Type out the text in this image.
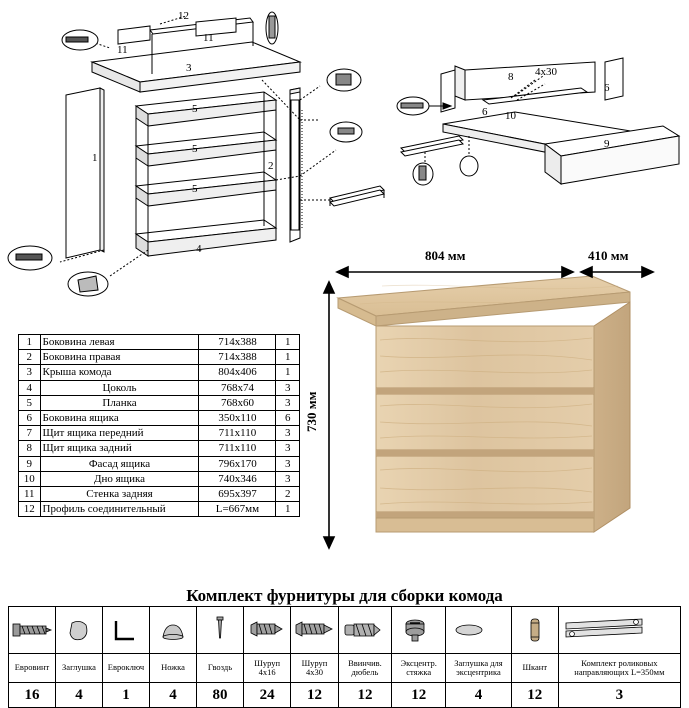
12
11
11
3
5
5
5
1
2
4
8 4x30
6
6 10
9
1	Боковина левая	714х388	1
2	Боковина правая	714х388	1
3	Крыша комода	804х406	1
4	Цоколь	768х74	3
5	Планка	768х60	3
6	Боковина ящика	350х110	6
7	Щит ящика передний	711х110	3
8	Щит ящика задний	711х110	3
9	Фасад ящика	796х170	3
10	Дно ящика	740х346	3
11	Стенка задняя	695х397	2
12	Профиль соединительный	L=667мм	1
804 мм	410 мм
730 мм
Комплект фурнитуры для сборки комода

Евровинт	Заглушка	Евроключ	Ножка	Гвоздь	Шуруп 4х16	Шуруп 4х30	Ввинчив. дюбель	Эксцентр. стяжка	Заглушка для эксцентрика	Шкант	Комплект роликовых направляющих L=350мм
16	4	1	4	80	24	12	12	12	4	12	3
